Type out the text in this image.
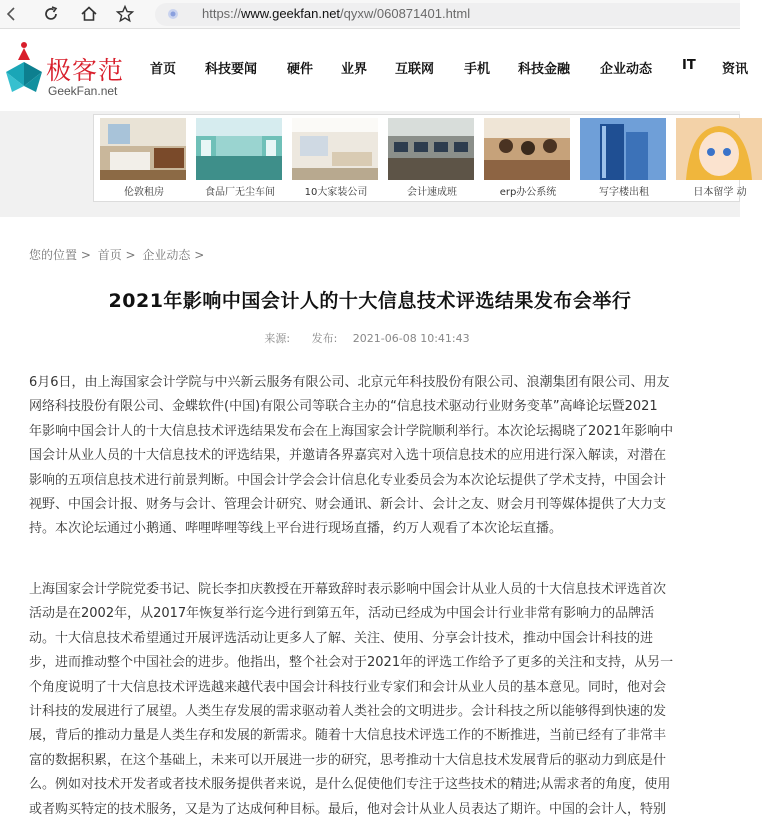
https://www.geekfan.net/qyxw/060871401.html
极客范
GeekFan.net
首页 科技要闻 硬件 业界 互联网 手机 科技金融 企业动态 IT 资讯
伦敦租房	食品厂无尘车间	10大家装公司	会计速成班	erp办公系统	写字楼出租	日本留学 动
您的位置 > 首页 > 企业动态 >
2021年影响中国会计人的十大信息技术评选结果发布会举行
来源: 发布: 2021-06-08 10:41:43
6月6日，由上海国家会计学院与中兴新云服务有限公司、北京元年科技股份有限公司、浪潮集团有限公司、用友
网络科技股份有限公司、金蝶软件(中国)有限公司等联合主办的“信息技术驱动行业财务变革”高峰论坛暨2021
年影响中国会计人的十大信息技术评选结果发布会在上海国家会计学院顺利举行。本次论坛揭晓了2021年影响中
国会计从业人员的十大信息技术的评选结果，并邀请各界嘉宾对入选十项信息技术的应用进行深入解读，对潜在
影响的五项信息技术进行前景判断。中国会计学会会计信息化专业委员会为本次论坛提供了学术支持，中国会计
视野、中国会计报、财务与会计、管理会计研究、财会通讯、新会计、会计之友、财会月刊等媒体提供了大力支
持。本次论坛通过小鹅通、哔哩哔哩等线上平台进行现场直播，约万人观看了本次论坛直播。
上海国家会计学院党委书记、院长李扣庆教授在开幕致辞时表示影响中国会计从业人员的十大信息技术评选首次
活动是在2002年，从2017年恢复举行迄今进行到第五年，活动已经成为中国会计行业非常有影响力的品牌活
动。十大信息技术希望通过开展评选活动让更多人了解、关注、使用、分享会计技术，推动中国会计科技的进
步，进而推动整个中国社会的进步。他指出，整个社会对于2021年的评选工作给予了更多的关注和支持，从另一
个角度说明了十大信息技术评选越来越代表中国会计科技行业专家们和会计从业人员的基本意见。同时，他对会
计科技的发展进行了展望。人类生存发展的需求驱动着人类社会的文明进步。会计科技之所以能够得到快速的发
展，背后的推动力量是人类生存和发展的新需求。随着十大信息技术评选工作的不断推进，当前已经有了非常丰
富的数据积累，在这个基础上，未来可以开展进一步的研究，思考推动十大信息技术发展背后的驱动力到底是什
么。例如对技术开发者或者技术服务提供者来说，是什么促使他们专注于这些技术的精进;从需求者的角度，使用
或者购买特定的技术服务，又是为了达成何种目标。最后，他对会计从业人员表达了期许。中国的会计人，特别
